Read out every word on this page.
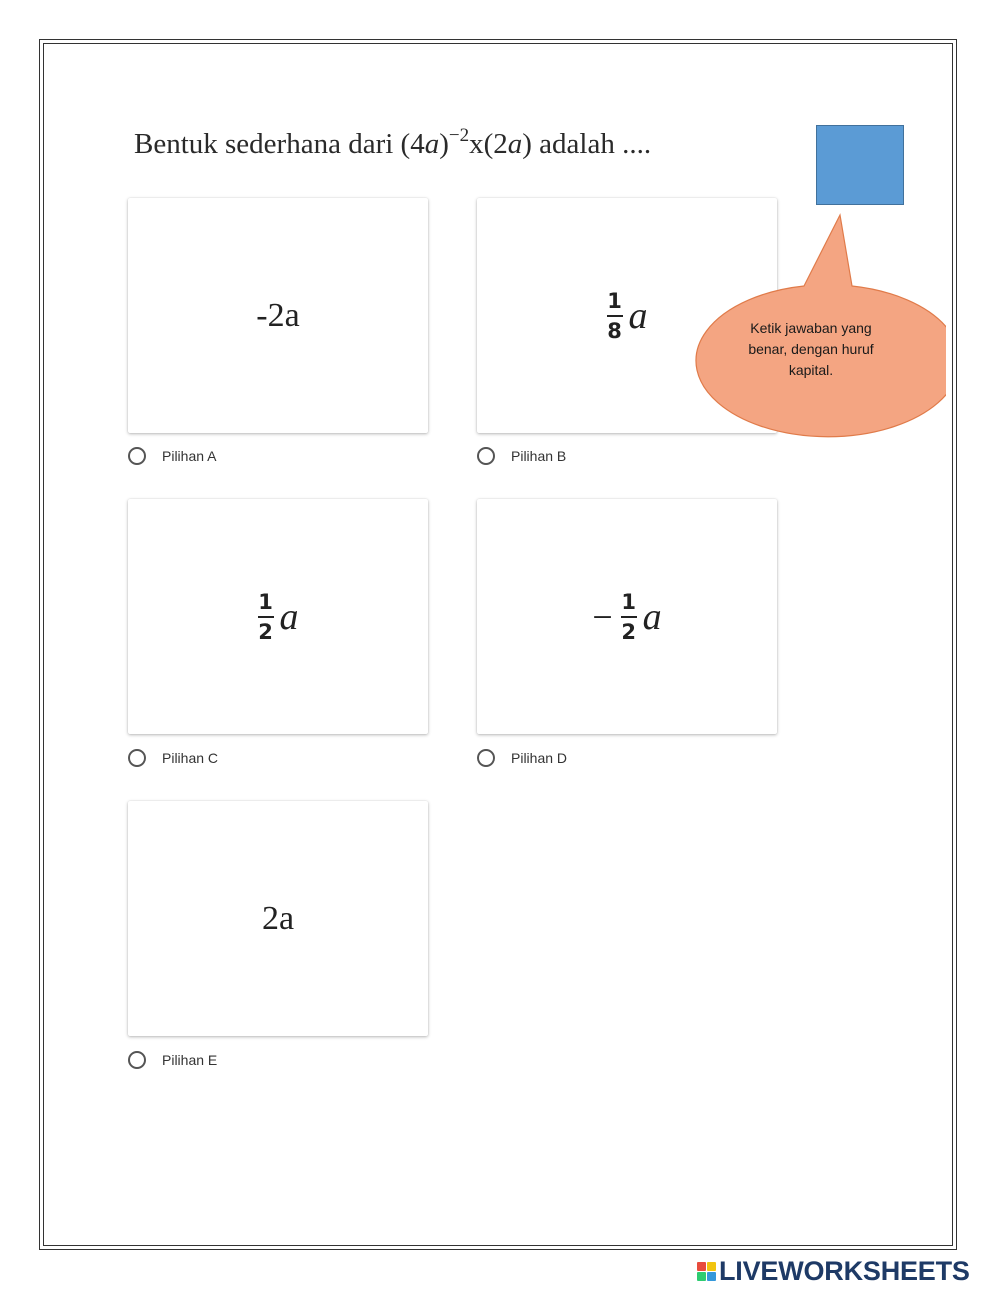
Bentuk sederhana dari $(4a)^{-2}x(2a)$ adalah ....
-2a
Pilihan A
$\frac{1}{8}$ a
Pilihan B
$\frac{1}{2}$ a
Pilihan C
− $\frac{1}{2}$ a
Pilihan D
2a
Pilihan E
Ketik jawaban yang benar, dengan huruf kapital.
LIVEWORKSHEETS
